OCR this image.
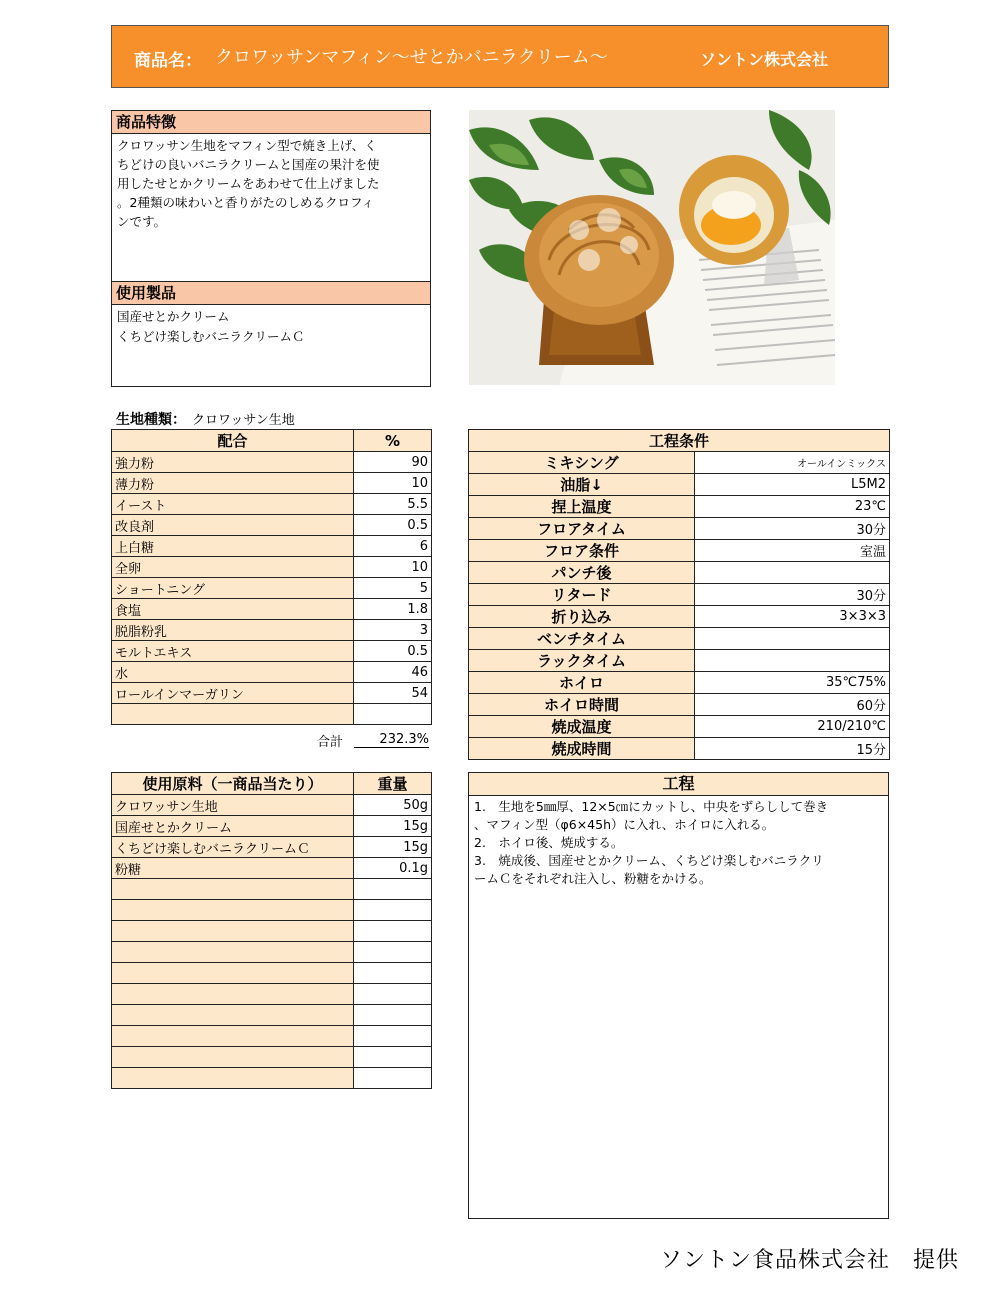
商品名： クロワッサンマフィン～せとかバニラクリーム～	ソントン株式会社
商品特徴
クロワッサン生地をマフィン型で焼き上げ、く
ちどけの良いバニラクリームと国産の果汁を使
用したせとかクリームをあわせて仕上げました
。2種類の味わいと香りがたのしめるクロフィ
ンです。
使用製品
国産せとかクリーム
くちどけ楽しむバニラクリームＣ
生地種類： クロワッサン生地
配合	%
強力粉	90
薄力粉	10
イースト	5.5
改良剤	0.5
上白糖	6
全卵	10
ショートニング	5
食塩	1.8
脱脂粉乳	3
モルトエキス	0.5
水	46
ロールインマーガリン	54

合計	232.3%
工程条件	
ミキシング	オールインミックス
油脂↓	L5M2
捏上温度	23℃
フロアタイム	30分
フロア条件	室温
パンチ後	
リタード	30分
折り込み	3×3×3
ベンチタイム	
ラックタイム	
ホイロ	35℃75%
ホイロ時間	60分
焼成温度	210/210℃
焼成時間	15分
使用原料（一商品当たり）	重量
クロワッサン生地	50g
国産せとかクリーム	15g
くちどけ楽しむバニラクリームＣ	15g
粉糖	0.1g

工程
1.　生地を5㎜厚、12×5㎝にカットし、中央をずらしして巻き
、マフィン型（φ6×45h）に入れ、ホイロに入れる。
2.　ホイロ後、焼成する。
3.　焼成後、国産せとかクリーム、くちどけ楽しむバニラクリ
ームＣをそれぞれ注入し、粉糖をかける。
ソントン食品株式会社　提供
